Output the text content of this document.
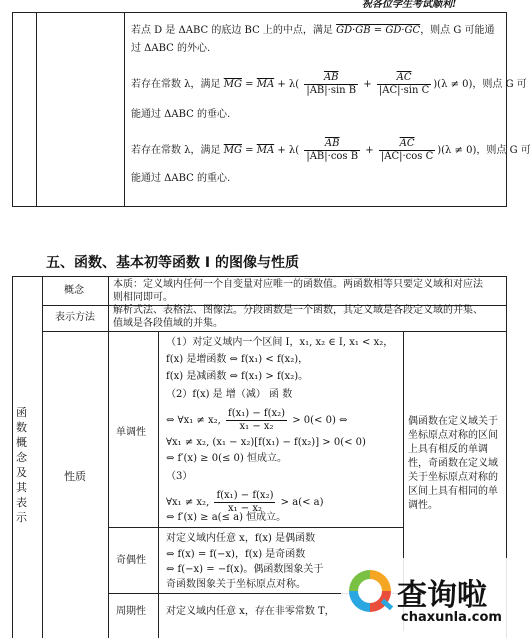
祝各位学生考试顺利!
若点 D 是 ΔABC 的底边 BC 上的中点，满足 GD·GB = GD·GC，则点 G 可能通
过 ΔABC 的外心.
若存在常数 λ，满足 $\overline{MG} = \overline{MA} + \lambda( \frac{\overline{AB}}{\text{|AB|·sin B}} + \frac{\overline{AC}}{\text{|AC|·sin C}} )(\lambda \ne 0)$，则点 G 可
能通过 ΔABC 的垂心.
若存在常数 λ，满足 $\overline{MG} = \overline{MA} + \lambda( \frac{\overline{AB}}{\text{|AB|·cos B}} + \frac{\overline{AC}}{\text{|AC|·cos C}} )(\lambda \ne 0)$，则点 G 可
能通过 ΔABC 的重心.
五、函数、基本初等函数 I 的图像与性质
函数概念及其表示
概念
本质：定义域内任何一个自变量对应唯一的函数值。两函数相等只要定义域和对应法
则相同即可。
表示方法
解析式法、表格法、图像法。分段函数是一个函数，其定义域是各段定义域的并集、
值域是各段值域的并集。
性质
单调性
（1）对定义域内一个区间 I，x₁, x₂ ∈ I, x₁ < x₂，
f(x) 是增函数 ⇔ f(x₁) < f(x₂)，
f(x) 是减函数 ⇔ f(x₁) > f(x₂)。
（2）f(x) 是 增（减） 函 数
⇔ ∀x₁ ≠ x₂, $\frac{\text{f(x₁) − f(x₂)}}{\text{x₁ − x₂}} > 0(< 0)$ ⇔
∀x₁ ≠ x₂, (x₁ − x₂)[f(x₁) − f(x₂)] > 0(< 0)
⇔ f′(x) ≥ 0(≤ 0) 恒成立。
（3）
∀x₁ ≠ x₂, $\frac{\text{f(x₁) − f(x₂)}}{\text{x₁ − x₂}} > a(< a)$
⇔ f′(x) ≥ a(≤ a) 恒成立。
偶函数在定义域关于坐标原点对称的区间上具有相反的单调性，奇函数在定义域关于坐标原点对称的区间上具有相同的单调性。
奇偶性
对定义域内任意 x，f(x) 是偶函数
⇔ f(x) = f(−x)，f(x) 是奇函数
⇔ f(−x) = −f(x)。偶函数图象关于
奇函数图象关于坐标原点对称。
周期性 对定义域内任意 x，存在非零常数 T， 查询啦
chaxunla.com
